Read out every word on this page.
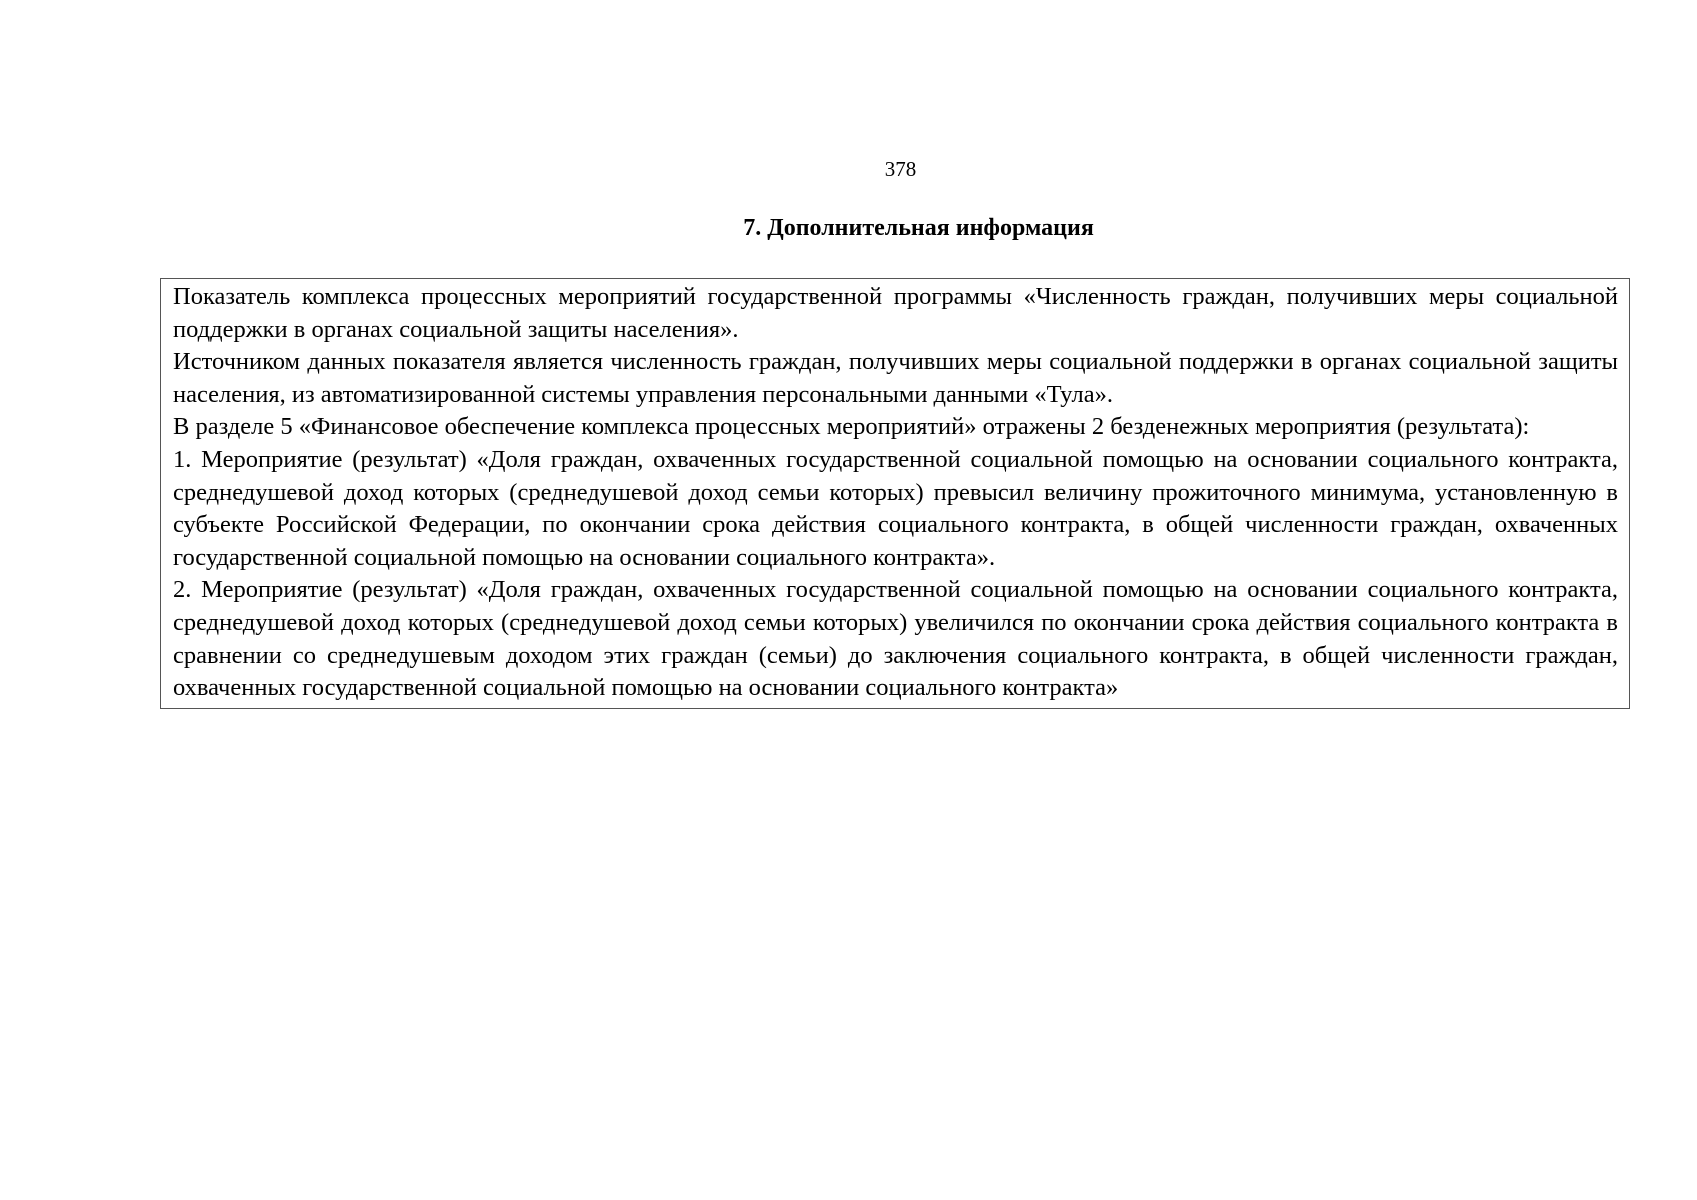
378
7. Дополнительная информация

Показатель комплекса процессных мероприятий государственной программы «Численность граждан, получивших меры социальной поддержки в органах социальной защиты населения».

Источником данных показателя является численность граждан, получивших меры социальной поддержки в органах социальной защиты населения, из автоматизированной системы управления персональными данными «Тула».

В разделе 5 «Финансовое обеспечение комплекса процессных мероприятий» отражены 2 безденежных мероприятия (результата):

1. Мероприятие (результат) «Доля граждан, охваченных государственной социальной помощью на основании социального контракта, среднедушевой доход которых (среднедушевой доход семьи которых) превысил величину прожиточного минимума, установленную в субъекте Российской Федерации, по окончании срока действия социального контракта, в общей численности граждан, охваченных государственной социальной помощью на основании социального контракта».

2. Мероприятие (результат) «Доля граждан, охваченных государственной социальной помощью на основании социального контракта, среднедушевой доход которых (среднедушевой доход семьи которых) увеличился по окончании срока действия социального контракта в сравнении со среднедушевым доходом этих граждан (семьи) до заключения социального контракта, в общей численности граждан, охваченных государственной социальной помощью на основании социального контракта»
